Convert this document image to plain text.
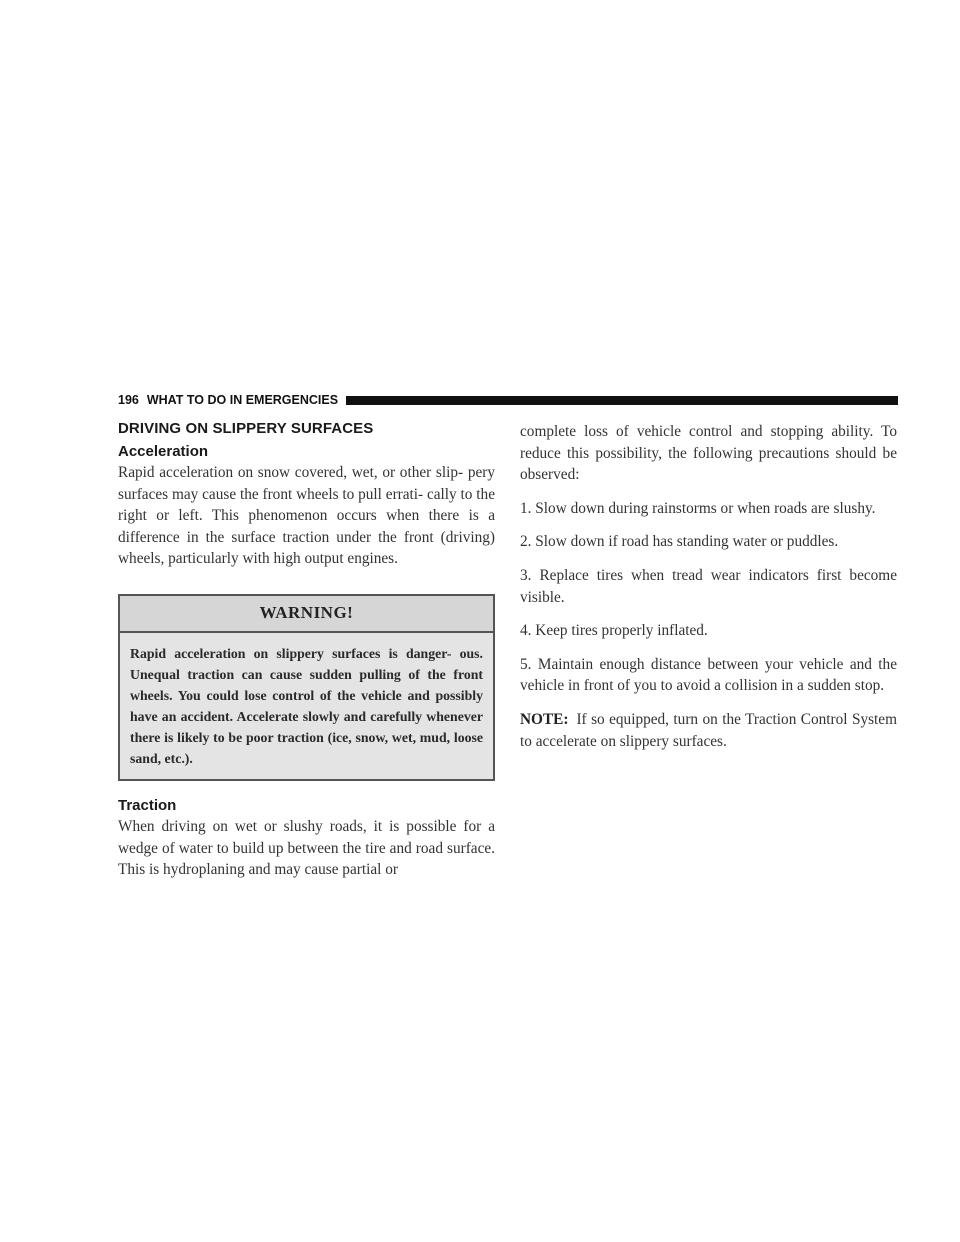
196 WHAT TO DO IN EMERGENCIES
DRIVING ON SLIPPERY SURFACES
Acceleration

Rapid acceleration on snow covered, wet, or other slip- pery surfaces may cause the front wheels to pull errati- cally to the right or left. This phenomenon occurs when there is a difference in the surface traction under the front (driving) wheels, particularly with high output engines.

WARNING!
Rapid acceleration on slippery surfaces is danger- ous. Unequal traction can cause sudden pulling of the front wheels. You could lose control of the vehicle and possibly have an accident. Accelerate slowly and carefully whenever there is likely to be poor traction (ice, snow, wet, mud, loose sand, etc.).
Traction

When driving on wet or slushy roads, it is possible for a wedge of water to build up between the tire and road surface. This is hydroplaning and may cause partial or

complete loss of vehicle control and stopping ability. To reduce this possibility, the following precautions should be observed:

1. Slow down during rainstorms or when roads are slushy.

2. Slow down if road has standing water or puddles.

3. Replace tires when tread wear indicators first become visible.

4. Keep tires properly inflated.

5. Maintain enough distance between your vehicle and the vehicle in front of you to avoid a collision in a sudden stop.

NOTE: If so equipped, turn on the Traction Control System to accelerate on slippery surfaces.
